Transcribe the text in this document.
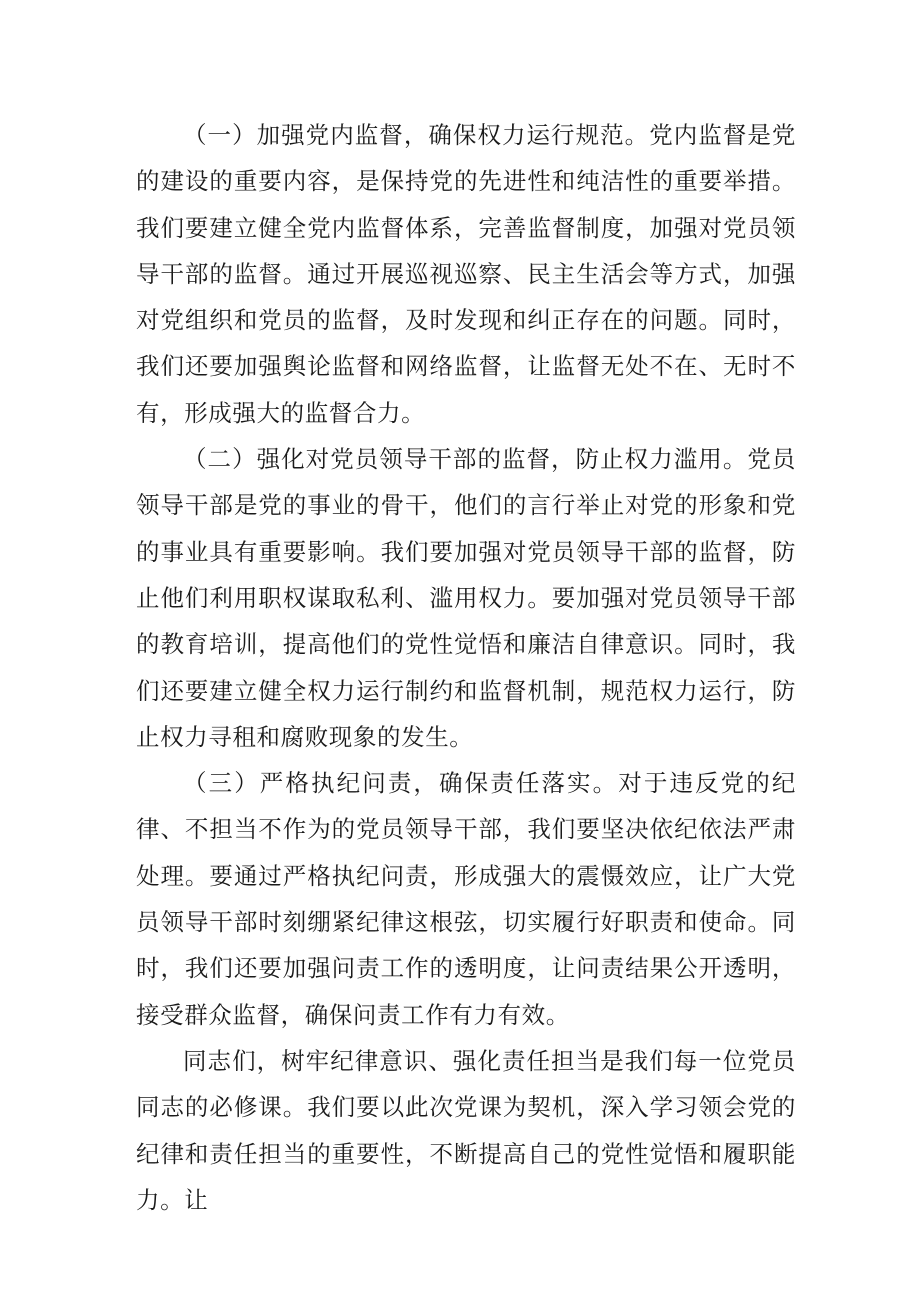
（一）加强党内监督，确保权力运行规范。党内监督是党的建设的重要内容，是保持党的先进性和纯洁性的重要举措。我们要建立健全党内监督体系，完善监督制度，加强对党员领导干部的监督。通过开展巡视巡察、民主生活会等方式，加强对党组织和党员的监督，及时发现和纠正存在的问题。同时，我们还要加强舆论监督和网络监督，让监督无处不在、无时不有，形成强大的监督合力。

（二）强化对党员领导干部的监督，防止权力滥用。党员领导干部是党的事业的骨干，他们的言行举止对党的形象和党的事业具有重要影响。我们要加强对党员领导干部的监督，防止他们利用职权谋取私利、滥用权力。要加强对党员领导干部的教育培训，提高他们的党性觉悟和廉洁自律意识。同时，我们还要建立健全权力运行制约和监督机制，规范权力运行，防止权力寻租和腐败现象的发生。

（三）严格执纪问责，确保责任落实。对于违反党的纪律、不担当不作为的党员领导干部，我们要坚决依纪依法严肃处理。要通过严格执纪问责，形成强大的震慑效应，让广大党员领导干部时刻绷紧纪律这根弦，切实履行好职责和使命。同时，我们还要加强问责工作的透明度，让问责结果公开透明，接受群众监督，确保问责工作有力有效。

同志们，树牢纪律意识、强化责任担当是我们每一位党员同志的必修课。我们要以此次党课为契机，深入学习领会党的纪律和责任担当的重要性，不断提高自己的党性觉悟和履职能力。让
